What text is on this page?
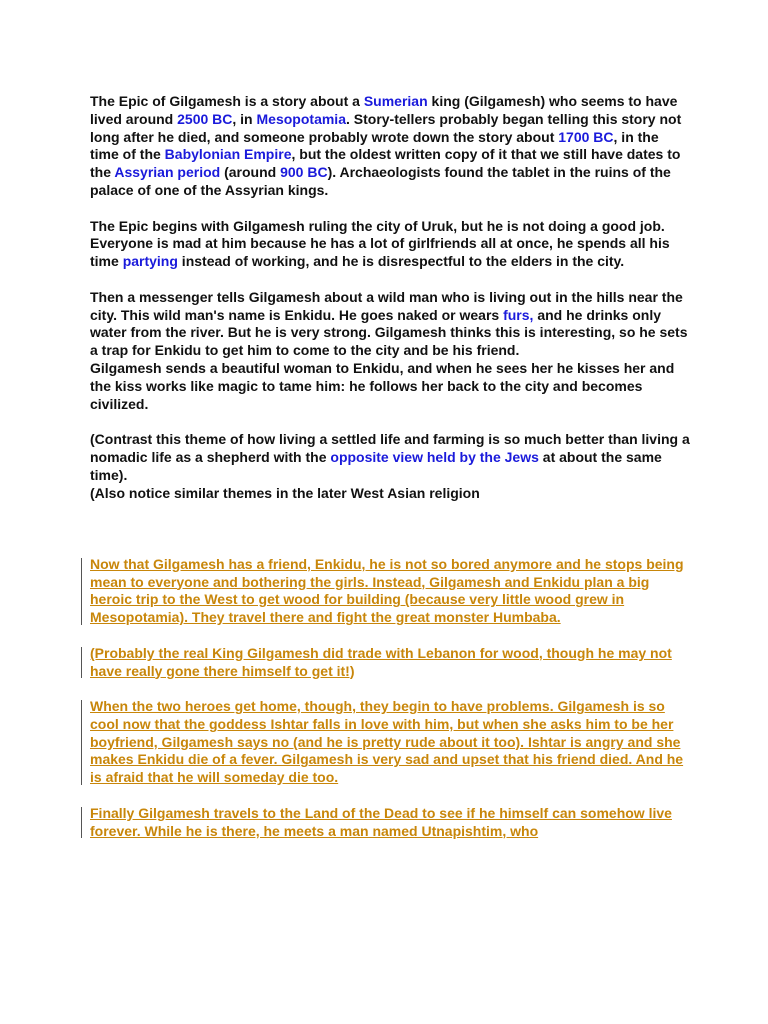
The Epic of Gilgamesh is a story about a Sumerian king (Gilgamesh) who seems to have lived around 2500 BC, in Mesopotamia. Story-tellers probably began telling this story not long after he died, and someone probably wrote down the story about 1700 BC, in the time of the Babylonian Empire, but the oldest written copy of it that we still have dates to the Assyrian period (around 900 BC). Archaeologists found the tablet in the ruins of the palace of one of the Assyrian kings.

The Epic begins with Gilgamesh ruling the city of Uruk, but he is not doing a good job. Everyone is mad at him because he has a lot of girlfriends all at once, he spends all his time partying instead of working, and he is disrespectful to the elders in the city.

Then a messenger tells Gilgamesh about a wild man who is living out in the hills near the city. This wild man's name is Enkidu. He goes naked or wears furs, and he drinks only water from the river. But he is very strong. Gilgamesh thinks this is interesting, so he sets a trap for Enkidu to get him to come to the city and be his friend.

Gilgamesh sends a beautiful woman to Enkidu, and when he sees her he kisses her and the kiss works like magic to tame him: he follows her back to the city and becomes civilized.

(Contrast this theme of how living a settled life and farming is so much better than living a nomadic life as a shepherd with the opposite view held by the Jews at about the same time).

(Also notice similar themes in the later West Asian religion

Now that Gilgamesh has a friend, Enkidu, he is not so bored anymore and he stops being mean to everyone and bothering the girls. Instead, Gilgamesh and Enkidu plan a big heroic trip to the West to get wood for building (because very little wood grew in Mesopotamia). They travel there and fight the great monster Humbaba.

(Probably the real King Gilgamesh did trade with Lebanon for wood, though he may not have really gone there himself to get it!)

When the two heroes get home, though, they begin to have problems. Gilgamesh is so cool now that the goddess Ishtar falls in love with him, but when she asks him to be her boyfriend, Gilgamesh says no (and he is pretty rude about it too). Ishtar is angry and she makes Enkidu die of a fever. Gilgamesh is very sad and upset that his friend died. And he is afraid that he will someday die too.

Finally Gilgamesh travels to the Land of the Dead to see if he himself can somehow live forever. While he is there, he meets a man named Utnapishtim, who
